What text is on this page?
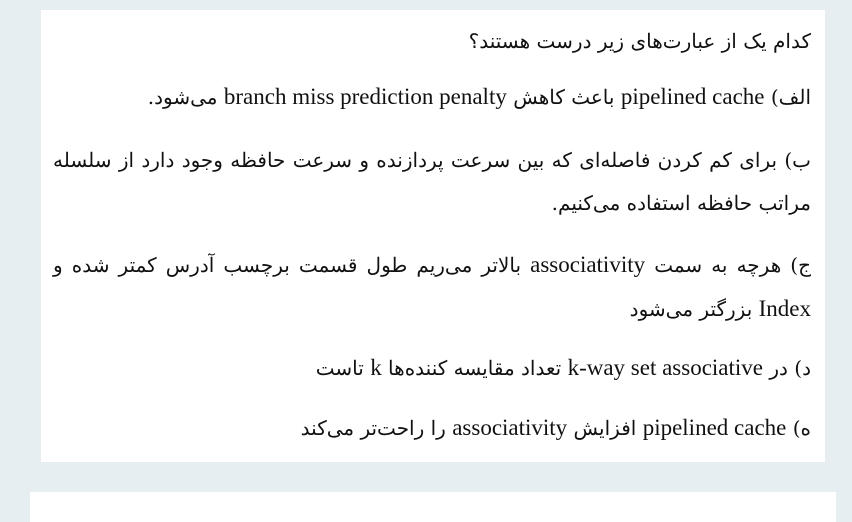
کدام یک از عبارت‌های زیر درست هستند؟
الف) pipelined cache باعث کاهش branch miss prediction penalty می‌شود.
ب) برای کم کردن فاصله‌ای که بین سرعت پردازنده و سرعت حافظه وجود دارد از سلسله
مراتب حافظه استفاده می‌کنیم.
ج) هرچه به سمت associativity بالاتر می‌ریم طول قسمت برچسب آدرس کمتر شده و
Index بزرگتر می‌شود
د) در k-way set associative تعداد مقایسه کننده‌ها k تاست
ه) pipelined cache افزایش associativity را راحت‌تر می‌کند
